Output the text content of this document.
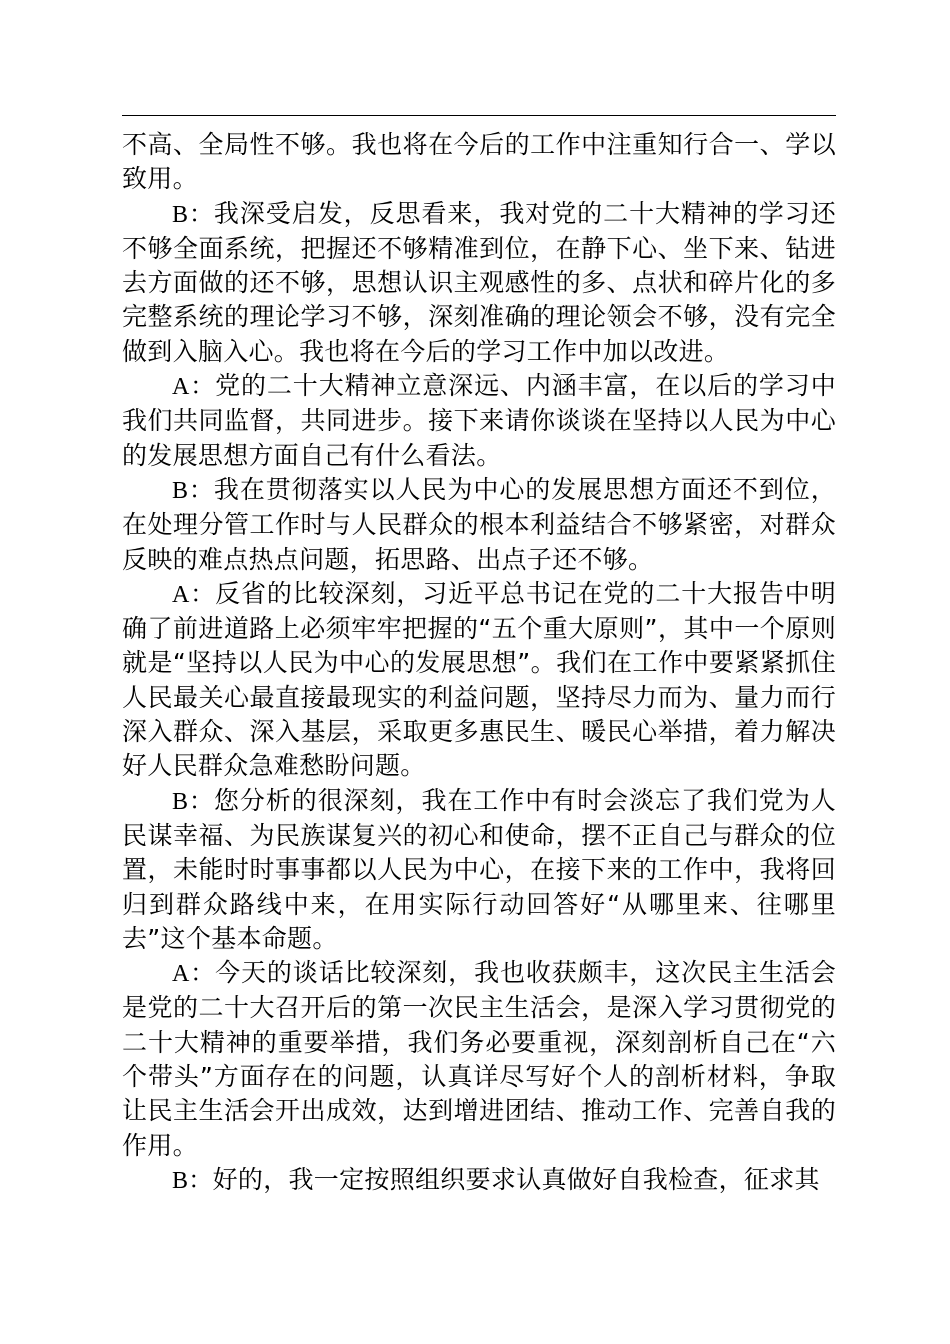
不高、全局性不够。我也将在今后的工作中注重知行合一、学以致用。

B：我深受启发，反思看来，我对党的二十大精神的学习还不够全面系统，把握还不够精准到位，在静下心、坐下来、钻进去方面做的还不够，思想认识主观感性的多、点状和碎片化的多完整系统的理论学习不够，深刻准确的理论领会不够，没有完全做到入脑入心。我也将在今后的学习工作中加以改进。

A：党的二十大精神立意深远、内涵丰富，在以后的学习中我们共同监督，共同进步。接下来请你谈谈在坚持以人民为中心的发展思想方面自己有什么看法。

B：我在贯彻落实以人民为中心的发展思想方面还不到位，在处理分管工作时与人民群众的根本利益结合不够紧密，对群众反映的难点热点问题，拓思路、出点子还不够。

A：反省的比较深刻，习近平总书记在党的二十大报告中明确了前进道路上必须牢牢把握的“五个重大原则”，其中一个原则就是“坚持以人民为中心的发展思想”。我们在工作中要紧紧抓住人民最关心最直接最现实的利益问题，坚持尽力而为、量力而行深入群众、深入基层，采取更多惠民生、暖民心举措，着力解决好人民群众急难愁盼问题。

B：您分析的很深刻，我在工作中有时会淡忘了我们党为人民谋幸福、为民族谋复兴的初心和使命，摆不正自己与群众的位置，未能时时事事都以人民为中心，在接下来的工作中，我将回归到群众路线中来，在用实际行动回答好“从哪里来、往哪里去”这个基本命题。

A：今天的谈话比较深刻，我也收获颇丰，这次民主生活会是党的二十大召开后的第一次民主生活会，是深入学习贯彻党的二十大精神的重要举措，我们务必要重视，深刻剖析自己在“六个带头”方面存在的问题，认真详尽写好个人的剖析材料，争取让民主生活会开出成效，达到增进团结、推动工作、完善自我的作用。

B：好的，我一定按照组织要求认真做好自我检查，征求其
